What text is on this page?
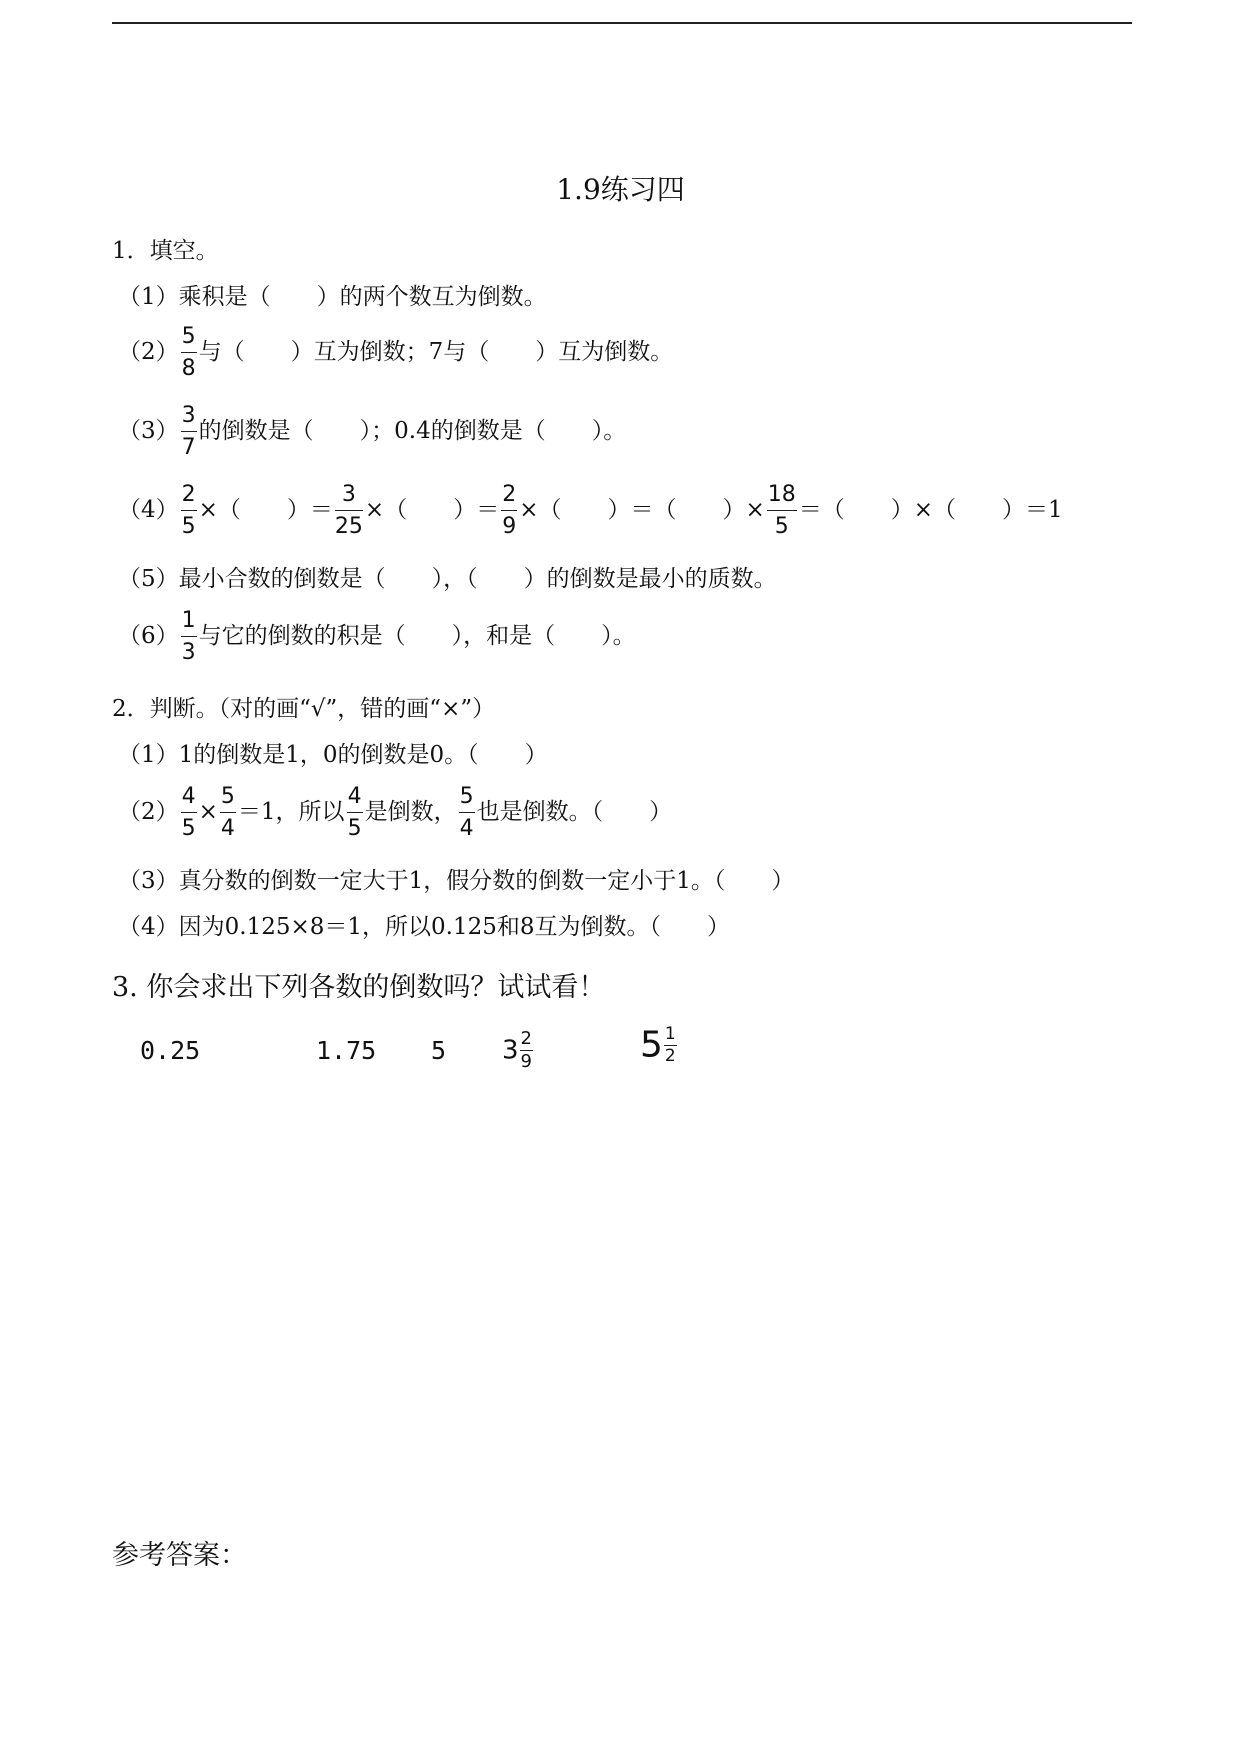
1.9练习四
1．填空。
（1）乘积是（　　）的两个数互为倒数。
$(2) \frac{5}{8}$ 与（　　）互为倒数；7与（　　）互为倒数。
$(3) \frac{3}{7}$ 的倒数是（　　）；0.4的倒数是（　　）。
$(4) \frac{2}{5}$ ×（　　）＝ $\frac{3}{25}$ ×（　　）＝ $\frac{2}{9}$ ×（　　）＝（　　）× $\frac{18}{5}$ ＝（　　）×（　　）＝1
（5）最小合数的倒数是（　　），（　　）的倒数是最小的质数。
$(6) \frac{1}{3}$ 与它的倒数的积是（　　），和是（　　）。
2．判断。（对的画“√”，错的画“×”）
（1）1的倒数是1，0的倒数是0。（　　）
$(2) \frac{4}{5} \times \frac{5}{4} =1$，所以 $\frac{4}{5}$ 是倒数， $\frac{5}{4}$ 也是倒数。（　　）
（3）真分数的倒数一定大于1，假分数的倒数一定小于1。（　　）
（4）因为0.125×8＝1，所以0.125和8互为倒数。（　　）
3. 你会求出下列各数的倒数吗？试试看！
0.25	1.75 5 $3 \frac{2}{9}$	$5 \frac{1}{2}$
参考答案：
